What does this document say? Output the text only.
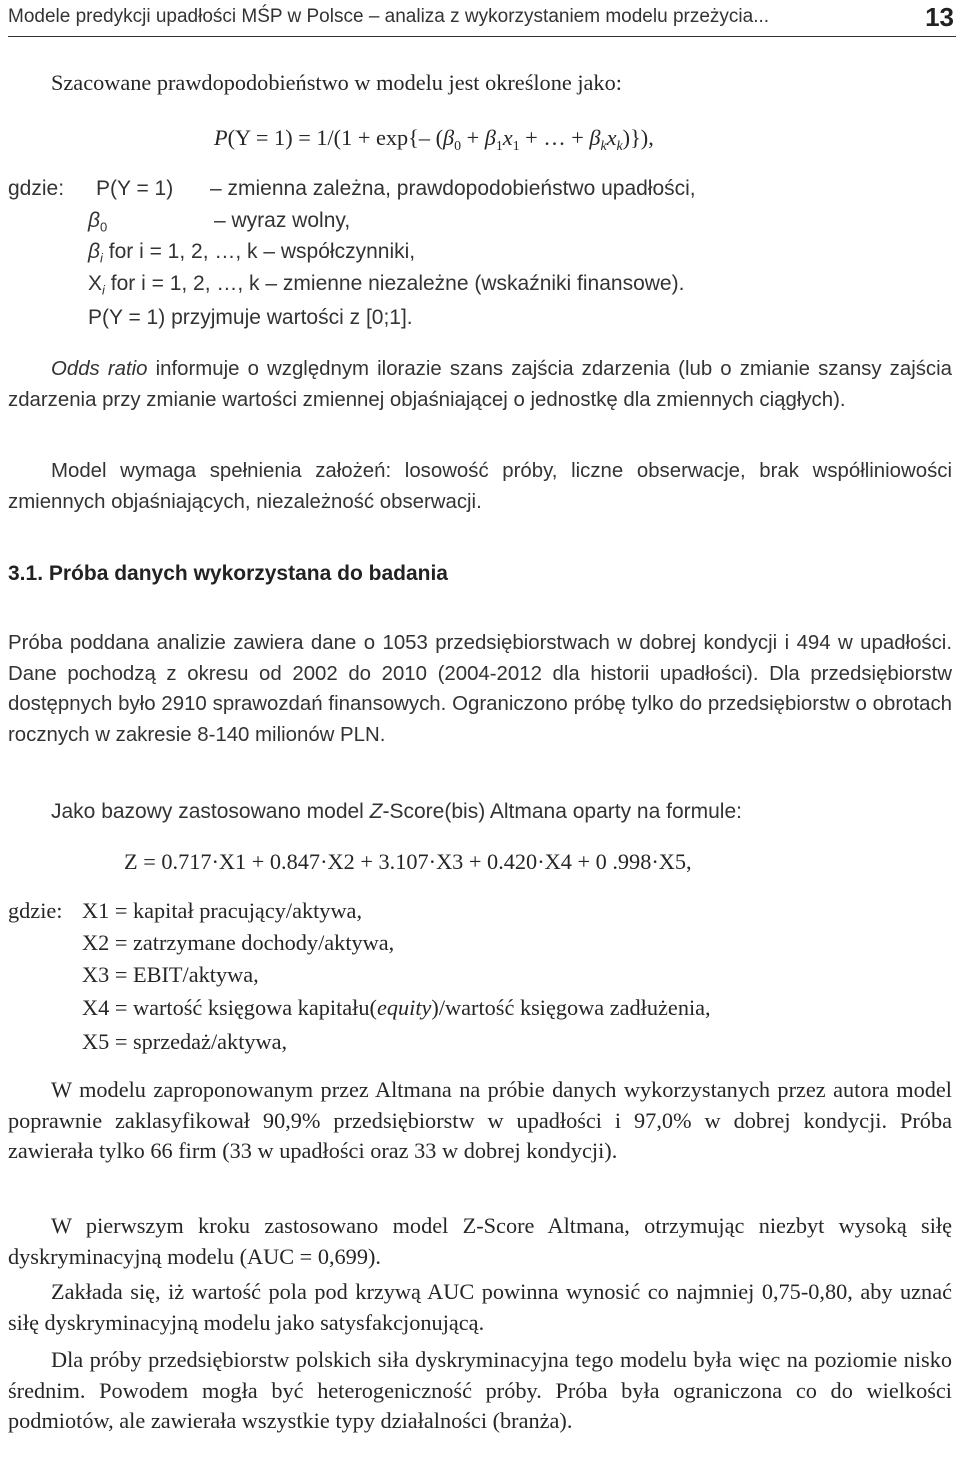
Modele predykcji upadłości MŚP w Polsce – analiza z wykorzystaniem modelu przeżycia...	13
Szacowane prawdopodobieństwo w modelu jest określone jako:
P(Y = 1) = 1/(1 + exp{– ($\beta_0 + \beta_1x_1$ + … + $\beta_kx_k$)}),
gdzie: P(Y = 1) – zmienna zależna, prawdopodobieństwo upadłości,
$\beta_0$	– wyraz wolny,
$\beta_i$ for i = 1, 2, …, k – współczynniki,
$X_i$ for i = 1, 2, …, k – zmienne niezależne (wskaźniki finansowe).
P(Y = 1) przyjmuje wartości z [0;1].

Odds ratio informuje o względnym ilorazie szans zajścia zdarzenia (lub o zmianie szansy zajścia zdarzenia przy zmianie wartości zmiennej objaśniającej o jednostkę dla zmiennych ciągłych).

Model wymaga spełnienia założeń: losowość próby, liczne obserwacje, brak współliniowości zmiennych objaśniających, niezależność obserwacji.

3.1. Próba danych wykorzystana do badania

Próba poddana analizie zawiera dane o 1053 przedsiębiorstwach w dobrej kondycji i 494 w upadłości. Dane pochodzą z okresu od 2002 do 2010 (2004-2012 dla historii upadłości). Dla przedsiębiorstw dostępnych było 2910 sprawozdań finansowych. Ograniczono próbę tylko do przedsiębiorstw o obrotach rocznych w zakresie 8-140 milionów PLN.

Jako bazowy zastosowano model Z-Score(bis) Altmana oparty na formule:
Z = 0.717·X1 + 0.847·X2 + 3.107·X3 + 0.420·X4 + 0 .998·X5,
gdzie: X1 = kapitał pracujący/aktywa,
X2 = zatrzymane dochody/aktywa,
X3 = EBIT/aktywa,
X4 = wartość księgowa kapitału(equity)/wartość księgowa zadłużenia,
X5 = sprzedaż/aktywa,

W modelu zaproponowanym przez Altmana na próbie danych wykorzystanych przez autora model poprawnie zaklasyfikował 90,9% przedsiębiorstw w upadłości i 97,0% w dobrej kondycji. Próba zawierała tylko 66 firm (33 w upadłości oraz 33 w dobrej kondycji).

W pierwszym kroku zastosowano model Z-Score Altmana, otrzymując niezbyt wysoką siłę dyskryminacyjną modelu (AUC = 0,699).

Zakłada się, iż wartość pola pod krzywą AUC powinna wynosić co najmniej 0,75-0,80, aby uznać siłę dyskryminacyjną modelu jako satysfakcjonującą.

Dla próby przedsiębiorstw polskich siła dyskryminacyjna tego modelu była więc na poziomie nisko średnim. Powodem mogła być heterogeniczność próby. Próba była ograniczona co do wielkości podmiotów, ale zawierała wszystkie typy działalności (branża).
